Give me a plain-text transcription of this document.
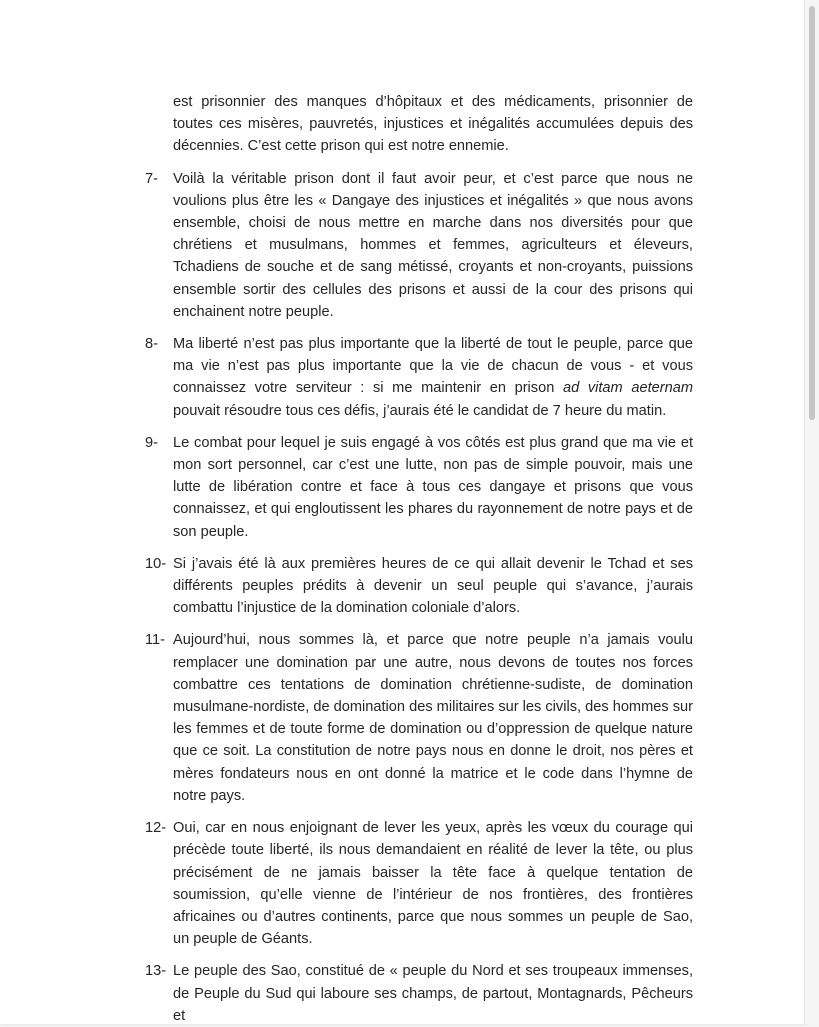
est prisonnier des manques d’hôpitaux et des médicaments, prisonnier de toutes ces misères, pauvretés, injustices et inégalités accumulées depuis des décennies. C’est cette prison qui est notre ennemie.

7-	Voilà la véritable prison dont il faut avoir peur, et c’est parce que nous ne voulions plus être les « Dangaye des injustices et inégalités » que nous avons ensemble, choisi de nous mettre en marche dans nos diversités pour que chrétiens et musulmans, hommes et femmes, agriculteurs et éleveurs, Tchadiens de souche et de sang métissé, croyants et non-croyants, puissions ensemble sortir des cellules des prisons et aussi de la cour des prisons qui enchainent notre peuple.
8-	Ma liberté n’est pas plus importante que la liberté de tout le peuple, parce que ma vie n’est pas plus importante que la vie de chacun de vous - et vous connaissez votre serviteur : si me maintenir en prison ad vitam aeternam pouvait résoudre tous ces défis, j’aurais été le candidat de 7 heure du matin.
9-	Le combat pour lequel je suis engagé à vos côtés est plus grand que ma vie et mon sort personnel, car c’est une lutte, non pas de simple pouvoir, mais une lutte de libération contre et face à tous ces dangaye et prisons que vous connaissez, et qui engloutissent les phares du rayonnement de notre pays et de son peuple.
10- Si j’avais été là aux premières heures de ce qui allait devenir le Tchad et ses différents peuples prédits à devenir un seul peuple qui s’avance, j’aurais combattu l’injustice de la domination coloniale d’alors.
11- Aujourd’hui, nous sommes là, et parce que notre peuple n’a jamais voulu remplacer une domination par une autre, nous devons de toutes nos forces combattre ces tentations de domination chrétienne-sudiste, de domination musulmane-nordiste, de domination des militaires sur les civils, des hommes sur les femmes et de toute forme de domination ou d’oppression de quelque nature que ce soit. La constitution de notre pays nous en donne le droit, nos pères et mères fondateurs nous en ont donné la matrice et le code dans l’hymne de notre pays.
12- Oui, car en nous enjoignant de lever les yeux, après les vœux du courage qui précède toute liberté, ils nous demandaient en réalité de lever la tête, ou plus précisément de ne jamais baisser la tête face à quelque tentation de soumission, qu’elle vienne de l’intérieur de nos frontières, des frontières africaines ou d’autres continents, parce que nous sommes un peuple de Sao, un peuple de Géants.
13- Le peuple des Sao, constitué de « peuple du Nord et ses troupeaux immenses, de Peuple du Sud qui laboure ses champs, de partout, Montagnards, Pêcheurs et
